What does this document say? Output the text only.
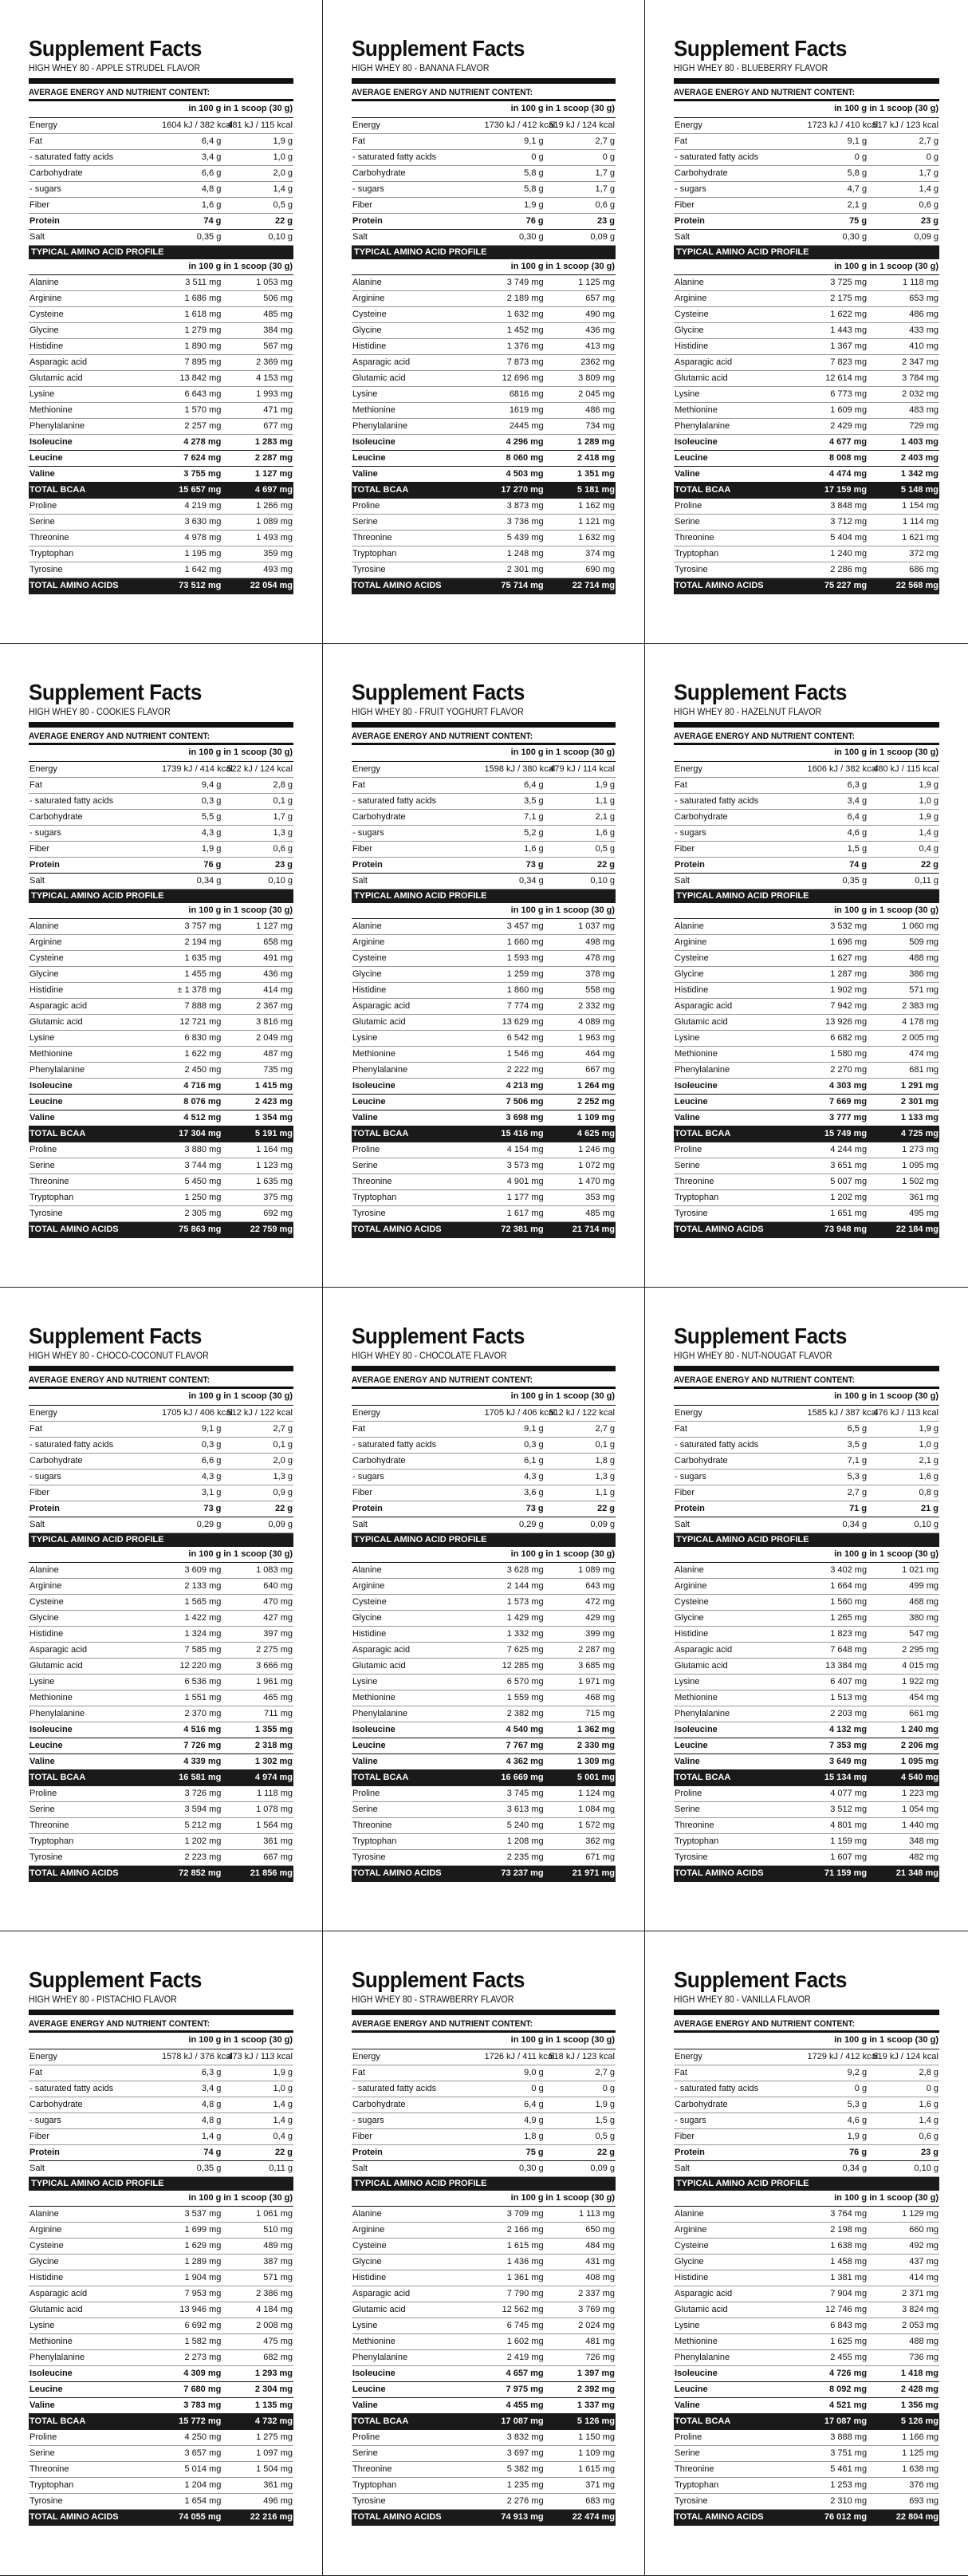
Supplement Facts
HIGH WHEY 80 - APPLE STRUDEL FLAVOR
AVERAGE ENERGY AND NUTRIENT CONTENT:
	in 100 g	in 1 scoop (30 g)
Energy	1604 kJ / 382 kcal	481 kJ / 115 kcal
Fat	6,4 g	1,9 g
- saturated fatty acids	3,4 g	1,0 g
Carbohydrate	6,6 g	2,0 g
- sugars	4,8 g	1,4 g
Fiber	1,6 g	0,5 g
Protein	74 g	22 g
Salt	0,35 g	0,10 g
TYPICAL AMINO ACID PROFILE
	in 100 g	in 1 scoop (30 g)
Alanine	3 511 mg	1 053 mg
Arginine	1 686 mg	506 mg
Cysteine	1 618 mg	485 mg
Glycine	1 279 mg	384 mg
Histidine	1 890 mg	567 mg
Asparagic acid	7 895 mg	2 369 mg
Glutamic acid	13 842 mg	4 153 mg
Lysine	6 643 mg	1 993 mg
Methionine	1 570 mg	471 mg
Phenylalanine	2 257 mg	677 mg
Isoleucine	4 278 mg	1 283 mg
Leucine	7 624 mg	2 287 mg
Valine	3 755 mg	1 127 mg
TOTAL BCAA	15 657 mg	4 697 mg
Proline	4 219 mg	1 266 mg
Serine	3 630 mg	1 089 mg
Threonine	4 978 mg	1 493 mg
Tryptophan	1 195 mg	359 mg
Tyrosine	1 642 mg	493 mg
TOTAL AMINO ACIDS	73 512 mg	22 054 mg
Supplement Facts
HIGH WHEY 80 - BANANA FLAVOR
AVERAGE ENERGY AND NUTRIENT CONTENT:
	in 100 g	in 1 scoop (30 g)
Energy	1730 kJ / 412 kcal	519 kJ / 124 kcal
Fat	9,1 g	2,7 g
- saturated fatty acids	0 g	0 g
Carbohydrate	5,8 g	1,7 g
- sugars	5,8 g	1,7 g
Fiber	1,9 g	0,6 g
Protein	76 g	23 g
Salt	0,30 g	0,09 g
TYPICAL AMINO ACID PROFILE
	in 100 g	in 1 scoop (30 g)
Alanine	3 749 mg	1 125 mg
Arginine	2 189 mg	657 mg
Cysteine	1 632 mg	490 mg
Glycine	1 452 mg	436 mg
Histidine	1 376 mg	413 mg
Asparagic acid	7 873 mg	2362 mg
Glutamic acid	12 696 mg	3 809 mg
Lysine	6816 mg	2 045 mg
Methionine	1619 mg	486 mg
Phenylalanine	2445 mg	734 mg
Isoleucine	4 296 mg	1 289 mg
Leucine	8 060 mg	2 418 mg
Valine	4 503 mg	1 351 mg
TOTAL BCAA	17 270 mg	5 181 mg
Proline	3 873 mg	1 162 mg
Serine	3 736 mg	1 121 mg
Threonine	5 439 mg	1 632 mg
Tryptophan	1 248 mg	374 mg
Tyrosine	2 301 mg	690 mg
TOTAL AMINO ACIDS	75 714 mg	22 714 mg
Supplement Facts
HIGH WHEY 80 - BLUEBERRY FLAVOR
AVERAGE ENERGY AND NUTRIENT CONTENT:
	in 100 g	in 1 scoop (30 g)
Energy	1723 kJ / 410 kcal	517 kJ / 123 kcal
Fat	9,1 g	2,7 g
- saturated fatty acids	0 g	0 g
Carbohydrate	5,8 g	1,7 g
- sugars	4,7 g	1,4 g
Fiber	2,1 g	0,6 g
Protein	75 g	23 g
Salt	0,30 g	0,09 g
TYPICAL AMINO ACID PROFILE
	in 100 g	in 1 scoop (30 g)
Alanine	3 725 mg	1 118 mg
Arginine	2 175 mg	653 mg
Cysteine	1 622 mg	486 mg
Glycine	1 443 mg	433 mg
Histidine	1 367 mg	410 mg
Asparagic acid	7 823 mg	2 347 mg
Glutamic acid	12 614 mg	3 784 mg
Lysine	6 773 mg	2 032 mg
Methionine	1 609 mg	483 mg
Phenylalanine	2 429 mg	729 mg
Isoleucine	4 677 mg	1 403 mg
Leucine	8 008 mg	2 403 mg
Valine	4 474 mg	1 342 mg
TOTAL BCAA	17 159 mg	5 148 mg
Proline	3 848 mg	1 154 mg
Serine	3 712 mg	1 114 mg
Threonine	5 404 mg	1 621 mg
Tryptophan	1 240 mg	372 mg
Tyrosine	2 286 mg	686 mg
TOTAL AMINO ACIDS	75 227 mg	22 568 mg
Supplement Facts
HIGH WHEY 80 - COOKIES FLAVOR
AVERAGE ENERGY AND NUTRIENT CONTENT:
	in 100 g	in 1 scoop (30 g)
Energy	1739 kJ / 414 kcal	522 kJ / 124 kcal
Fat	9,4 g	2,8 g
- saturated fatty acids	0,3 g	0,1 g
Carbohydrate	5,5 g	1,7 g
- sugars	4,3 g	1,3 g
Fiber	1,9 g	0,6 g
Protein	76 g	23 g
Salt	0,34 g	0,10 g
TYPICAL AMINO ACID PROFILE
	in 100 g	in 1 scoop (30 g)
Alanine	3 757 mg	1 127 mg
Arginine	2 194 mg	658 mg
Cysteine	1 635 mg	491 mg
Glycine	1 455 mg	436 mg
Histidine	± 1 378 mg	414 mg
Asparagic acid	7 888 mg	2 367 mg
Glutamic acid	12 721 mg	3 816 mg
Lysine	6 830 mg	2 049 mg
Methionine	1 622 mg	487 mg
Phenylalanine	2 450 mg	735 mg
Isoleucine	4 716 mg	1 415 mg
Leucine	8 076 mg	2 423 mg
Valine	4 512 mg	1 354 mg
TOTAL BCAA	17 304 mg	5 191 mg
Proline	3 880 mg	1 164 mg
Serine	3 744 mg	1 123 mg
Threonine	5 450 mg	1 635 mg
Tryptophan	1 250 mg	375 mg
Tyrosine	2 305 mg	692 mg
TOTAL AMINO ACIDS	75 863 mg	22 759 mg
Supplement Facts
HIGH WHEY 80 - FRUIT YOGHURT FLAVOR
AVERAGE ENERGY AND NUTRIENT CONTENT:
	in 100 g	in 1 scoop (30 g)
Energy	1598 kJ / 380 kcal	479 kJ / 114 kcal
Fat	6,4 g	1,9 g
- saturated fatty acids	3,5 g	1,1 g
Carbohydrate	7,1 g	2,1 g
- sugars	5,2 g	1,6 g
Fiber	1,6 g	0,5 g
Protein	73 g	22 g
Salt	0,34 g	0,10 g
TYPICAL AMINO ACID PROFILE
	in 100 g	in 1 scoop (30 g)
Alanine	3 457 mg	1 037 mg
Arginine	1 660 mg	498 mg
Cysteine	1 593 mg	478 mg
Glycine	1 259 mg	378 mg
Histidine	1 860 mg	558 mg
Asparagic acid	7 774 mg	2 332 mg
Glutamic acid	13 629 mg	4 089 mg
Lysine	6 542 mg	1 963 mg
Methionine	1 546 mg	464 mg
Phenylalanine	2 222 mg	667 mg
Isoleucine	4 213 mg	1 264 mg
Leucine	7 506 mg	2 252 mg
Valine	3 698 mg	1 109 mg
TOTAL BCAA	15 416 mg	4 625 mg
Proline	4 154 mg	1 246 mg
Serine	3 573 mg	1 072 mg
Threonine	4 901 mg	1 470 mg
Tryptophan	1 177 mg	353 mg
Tyrosine	1 617 mg	485 mg
TOTAL AMINO ACIDS	72 381 mg	21 714 mg
Supplement Facts
HIGH WHEY 80 - HAZELNUT FLAVOR
AVERAGE ENERGY AND NUTRIENT CONTENT:
	in 100 g	in 1 scoop (30 g)
Energy	1606 kJ / 382 kcal	480 kJ / 115 kcal
Fat	6,3 g	1,9 g
- saturated fatty acids	3,4 g	1,0 g
Carbohydrate	6,4 g	1,9 g
- sugars	4,6 g	1,4 g
Fiber	1,5 g	0,4 g
Protein	74 g	22 g
Salt	0,35 g	0,11 g
TYPICAL AMINO ACID PROFILE
	in 100 g	in 1 scoop (30 g)
Alanine	3 532 mg	1 060 mg
Arginine	1 696 mg	509 mg
Cysteine	1 627 mg	488 mg
Glycine	1 287 mg	386 mg
Histidine	1 902 mg	571 mg
Asparagic acid	7 942 mg	2 383 mg
Glutamic acid	13 926 mg	4 178 mg
Lysine	6 682 mg	2 005 mg
Methionine	1 580 mg	474 mg
Phenylalanine	2 270 mg	681 mg
Isoleucine	4 303 mg	1 291 mg
Leucine	7 669 mg	2 301 mg
Valine	3 777 mg	1 133 mg
TOTAL BCAA	15 749 mg	4 725 mg
Proline	4 244 mg	1 273 mg
Serine	3 651 mg	1 095 mg
Threonine	5 007 mg	1 502 mg
Tryptophan	1 202 mg	361 mg
Tyrosine	1 651 mg	495 mg
TOTAL AMINO ACIDS	73 948 mg	22 184 mg
Supplement Facts
HIGH WHEY 80 - CHOCO-COCONUT FLAVOR
AVERAGE ENERGY AND NUTRIENT CONTENT:
	in 100 g	in 1 scoop (30 g)
Energy	1705 kJ / 406 kcal	512 kJ / 122 kcal
Fat	9,1 g	2,7 g
- saturated fatty acids	0,3 g	0,1 g
Carbohydrate	6,6 g	2,0 g
- sugars	4,3 g	1,3 g
Fiber	3,1 g	0,9 g
Protein	73 g	22 g
Salt	0,29 g	0,09 g
TYPICAL AMINO ACID PROFILE
	in 100 g	in 1 scoop (30 g)
Alanine	3 609 mg	1 083 mg
Arginine	2 133 mg	640 mg
Cysteine	1 565 mg	470 mg
Glycine	1 422 mg	427 mg
Histidine	1 324 mg	397 mg
Asparagic acid	7 585 mg	2 275 mg
Glutamic acid	12 220 mg	3 666 mg
Lysine	6 536 mg	1 961 mg
Methionine	1 551 mg	465 mg
Phenylalanine	2 370 mg	711 mg
Isoleucine	4 516 mg	1 355 mg
Leucine	7 726 mg	2 318 mg
Valine	4 339 mg	1 302 mg
TOTAL BCAA	16 581 mg	4 974 mg
Proline	3 726 mg	1 118 mg
Serine	3 594 mg	1 078 mg
Threonine	5 212 mg	1 564 mg
Tryptophan	1 202 mg	361 mg
Tyrosine	2 223 mg	667 mg
TOTAL AMINO ACIDS	72 852 mg	21 856 mg
Supplement Facts
HIGH WHEY 80 - CHOCOLATE FLAVOR
AVERAGE ENERGY AND NUTRIENT CONTENT:
	in 100 g	in 1 scoop (30 g)
Energy	1705 kJ / 406 kcal	512 kJ / 122 kcal
Fat	9,1 g	2,7 g
- saturated fatty acids	0,3 g	0,1 g
Carbohydrate	6,1 g	1,8 g
- sugars	4,3 g	1,3 g
Fiber	3,6 g	1,1 g
Protein	73 g	22 g
Salt	0,29 g	0,09 g
TYPICAL AMINO ACID PROFILE
	in 100 g	in 1 scoop (30 g)
Alanine	3 628 mg	1 089 mg
Arginine	2 144 mg	643 mg
Cysteine	1 573 mg	472 mg
Glycine	1 429 mg	429 mg
Histidine	1 332 mg	399 mg
Asparagic acid	7 625 mg	2 287 mg
Glutamic acid	12 285 mg	3 685 mg
Lysine	6 570 mg	1 971 mg
Methionine	1 559 mg	468 mg
Phenylalanine	2 382 mg	715 mg
Isoleucine	4 540 mg	1 362 mg
Leucine	7 767 mg	2 330 mg
Valine	4 362 mg	1 309 mg
TOTAL BCAA	16 669 mg	5 001 mg
Proline	3 745 mg	1 124 mg
Serine	3 613 mg	1 084 mg
Threonine	5 240 mg	1 572 mg
Tryptophan	1 208 mg	362 mg
Tyrosine	2 235 mg	671 mg
TOTAL AMINO ACIDS	73 237 mg	21 971 mg
Supplement Facts
HIGH WHEY 80 - NUT-NOUGAT FLAVOR
AVERAGE ENERGY AND NUTRIENT CONTENT:
	in 100 g	in 1 scoop (30 g)
Energy	1585 kJ / 387 kcal	476 kJ / 113 kcal
Fat	6,5 g	1,9 g
- saturated fatty acids	3,5 g	1,0 g
Carbohydrate	7,1 g	2,1 g
- sugars	5,3 g	1,6 g
Fiber	2,7 g	0,8 g
Protein	71 g	21 g
Salt	0,34 g	0,10 g
TYPICAL AMINO ACID PROFILE
	in 100 g	in 1 scoop (30 g)
Alanine	3 402 mg	1 021 mg
Arginine	1 664 mg	499 mg
Cysteine	1 560 mg	468 mg
Glycine	1 265 mg	380 mg
Histidine	1 823 mg	547 mg
Asparagic acid	7 648 mg	2 295 mg
Glutamic acid	13 384 mg	4 015 mg
Lysine	6 407 mg	1 922 mg
Methionine	1 513 mg	454 mg
Phenylalanine	2 203 mg	661 mg
Isoleucine	4 132 mg	1 240 mg
Leucine	7 353 mg	2 206 mg
Valine	3 649 mg	1 095 mg
TOTAL BCAA	15 134 mg	4 540 mg
Proline	4 077 mg	1 223 mg
Serine	3 512 mg	1 054 mg
Threonine	4 801 mg	1 440 mg
Tryptophan	1 159 mg	348 mg
Tyrosine	1 607 mg	482 mg
TOTAL AMINO ACIDS	71 159 mg	21 348 mg
Supplement Facts
HIGH WHEY 80 - PISTACHIO FLAVOR
AVERAGE ENERGY AND NUTRIENT CONTENT:
	in 100 g	in 1 scoop (30 g)
Energy	1578 kJ / 376 kcal	473 kJ / 113 kcal
Fat	6,3 g	1,9 g
- saturated fatty acids	3,4 g	1,0 g
Carbohydrate	4,8 g	1,4 g
- sugars	4,8 g	1,4 g
Fiber	1,4 g	0,4 g
Protein	74 g	22 g
Salt	0,35 g	0,11 g
TYPICAL AMINO ACID PROFILE
	in 100 g	in 1 scoop (30 g)
Alanine	3 537 mg	1 061 mg
Arginine	1 699 mg	510 mg
Cysteine	1 629 mg	489 mg
Glycine	1 289 mg	387 mg
Histidine	1 904 mg	571 mg
Asparagic acid	7 953 mg	2 386 mg
Glutamic acid	13 946 mg	4 184 mg
Lysine	6 692 mg	2 008 mg
Methionine	1 582 mg	475 mg
Phenylalanine	2 273 mg	682 mg
Isoleucine	4 309 mg	1 293 mg
Leucine	7 680 mg	2 304 mg
Valine	3 783 mg	1 135 mg
TOTAL BCAA	15 772 mg	4 732 mg
Proline	4 250 mg	1 275 mg
Serine	3 657 mg	1 097 mg
Threonine	5 014 mg	1 504 mg
Tryptophan	1 204 mg	361 mg
Tyrosine	1 654 mg	496 mg
TOTAL AMINO ACIDS	74 055 mg	22 216 mg
Supplement Facts
HIGH WHEY 80 - STRAWBERRY FLAVOR
AVERAGE ENERGY AND NUTRIENT CONTENT:
	in 100 g	in 1 scoop (30 g)
Energy	1726 kJ / 411 kcal	518 kJ / 123 kcal
Fat	9,0 g	2,7 g
- saturated fatty acids	0 g	0 g
Carbohydrate	6,4 g	1,9 g
- sugars	4,9 g	1,5 g
Fiber	1,8 g	0,5 g
Protein	75 g	22 g
Salt	0,30 g	0,09 g
TYPICAL AMINO ACID PROFILE
	in 100 g	in 1 scoop (30 g)
Alanine	3 709 mg	1 113 mg
Arginine	2 166 mg	650 mg
Cysteine	1 615 mg	484 mg
Glycine	1 436 mg	431 mg
Histidine	1 361 mg	408 mg
Asparagic acid	7 790 mg	2 337 mg
Glutamic acid	12 562 mg	3 769 mg
Lysine	6 745 mg	2 024 mg
Methionine	1 602 mg	481 mg
Phenylalanine	2 419 mg	726 mg
Isoleucine	4 657 mg	1 397 mg
Leucine	7 975 mg	2 392 mg
Valine	4 455 mg	1 337 mg
TOTAL BCAA	17 087 mg	5 126 mg
Proline	3 832 mg	1 150 mg
Serine	3 697 mg	1 109 mg
Threonine	5 382 mg	1 615 mg
Tryptophan	1 235 mg	371 mg
Tyrosine	2 276 mg	683 mg
TOTAL AMINO ACIDS	74 913 mg	22 474 mg
Supplement Facts
HIGH WHEY 80 - VANILLA FLAVOR
AVERAGE ENERGY AND NUTRIENT CONTENT:
	in 100 g	in 1 scoop (30 g)
Energy	1729 kJ / 412 kcal	519 kJ / 124 kcal
Fat	9,2 g	2,8 g
- saturated fatty acids	0 g	0 g
Carbohydrate	5,3 g	1,6 g
- sugars	4,6 g	1,4 g
Fiber	1,9 g	0,6 g
Protein	76 g	23 g
Salt	0,34 g	0,10 g
TYPICAL AMINO ACID PROFILE
	in 100 g	in 1 scoop (30 g)
Alanine	3 764 mg	1 129 mg
Arginine	2 198 mg	660 mg
Cysteine	1 638 mg	492 mg
Glycine	1 458 mg	437 mg
Histidine	1 381 mg	414 mg
Asparagic acid	7 904 mg	2 371 mg
Glutamic acid	12 746 mg	3 824 mg
Lysine	6 843 mg	2 053 mg
Methionine	1 625 mg	488 mg
Phenylalanine	2 455 mg	736 mg
Isoleucine	4 726 mg	1 418 mg
Leucine	8 092 mg	2 428 mg
Valine	4 521 mg	1 356 mg
TOTAL BCAA	17 087 mg	5 126 mg
Proline	3 888 mg	1 166 mg
Serine	3 751 mg	1 125 mg
Threonine	5 461 mg	1 638 mg
Tryptophan	1 253 mg	376 mg
Tyrosine	2 310 mg	693 mg
TOTAL AMINO ACIDS	76 012 mg	22 804 mg
